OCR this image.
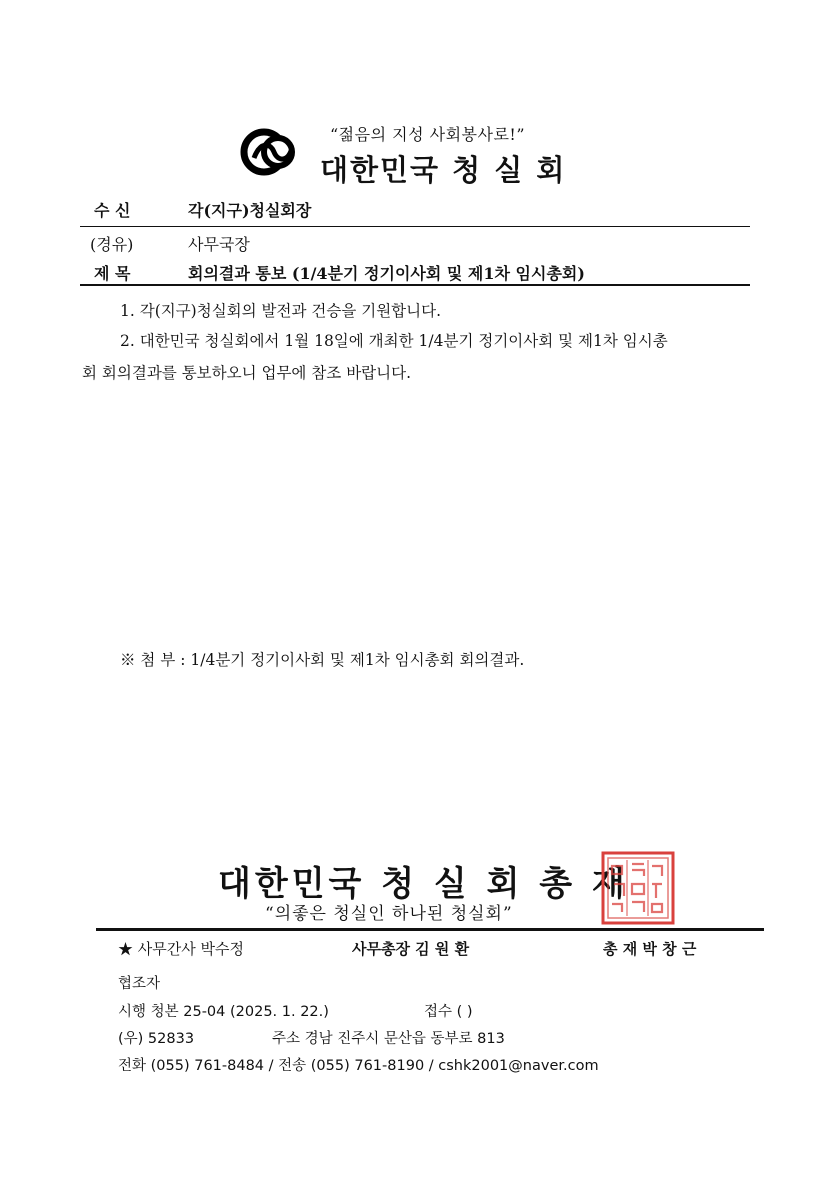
“젊음의 지성 사회봉사로!”
대한민국 청 실 회
수 신	각(지구)청실회장
(경유)	사무국장
제 목	회의결과 통보 (1/4분기 정기이사회 및 제1차 임시총회)
1. 각(지구)청실회의 발전과 건승을 기원합니다.
2. 대한민국 청실회에서 1월 18일에 개최한 1/4분기 정기이사회 및 제1차 임시총
회 회의결과를 통보하오니 업무에 참조 바랍니다.
※ 첨 부 : 1/4분기 정기이사회 및 제1차 임시총회 회의결과.
대한민국 청 실 회 총 재
“의좋은 청실인 하나된 청실회”
★ 사무간사 박수정	사무총장 김 원 환	총 재 박 창 근
협조자
시행 청본 25-04 (2025. 1. 22.)	접수 ( )
(우) 52833	주소 경남 진주시 문산읍 동부로 813
전화 (055) 761-8484 / 전송 (055) 761-8190 / cshk2001@naver.com
